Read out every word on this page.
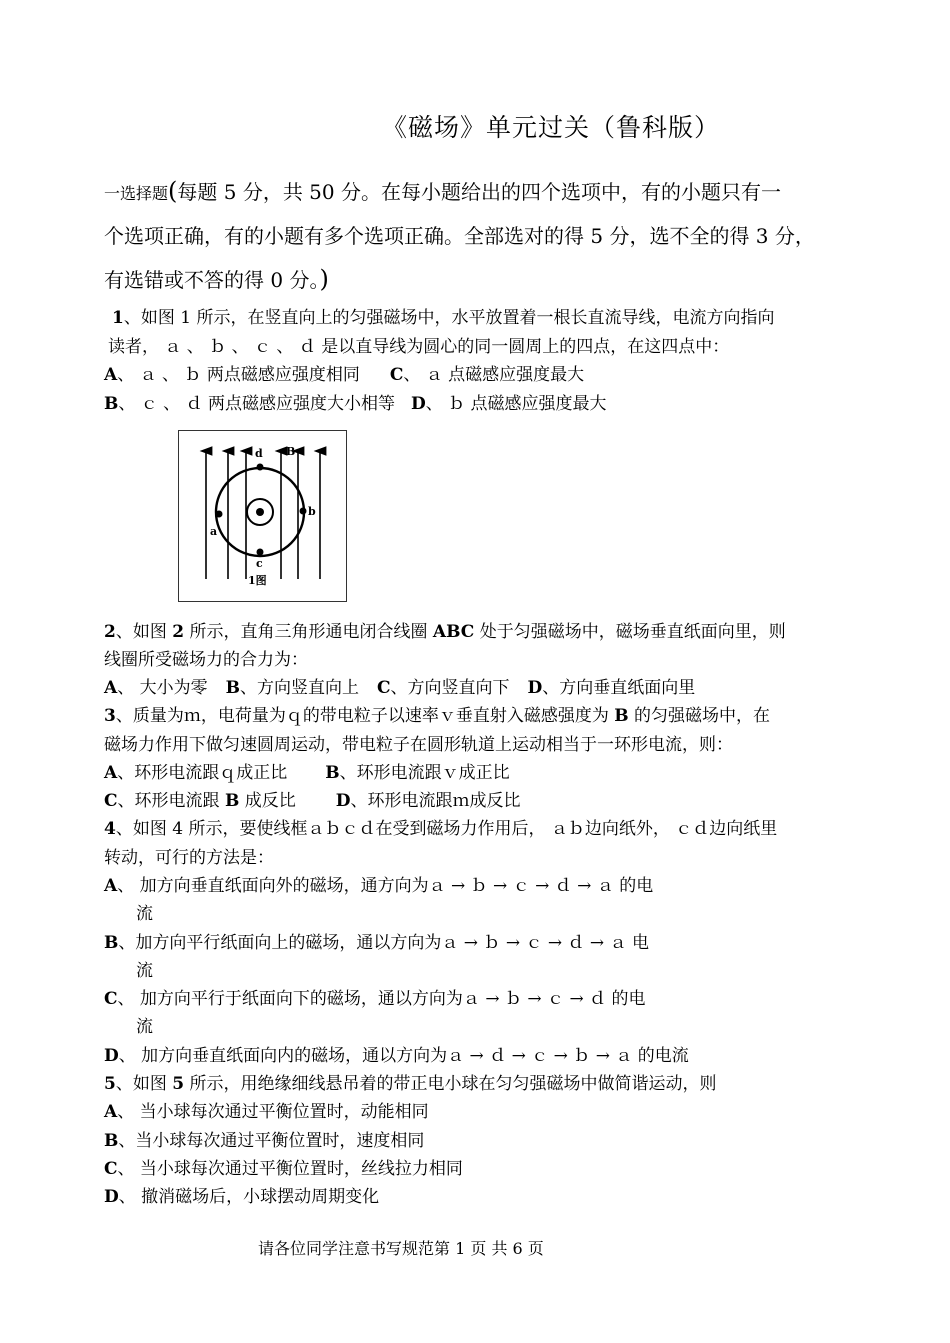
《磁场》单元过关（鲁科版）
一选择题(每题 5 分，共 50 分。在每小题给出的四个选项中，有的小题只有一
个选项正确，有的小题有多个选项正确。全部选对的得 5 分，选不全的得 3 分，
有选错或不答的得 0 分。)
1、如图 1 所示，在竖直向上的匀强磁场中，水平放置着一根长直流导线，电流方向指向
读者， ａ 、 ｂ 、 ｃ 、 ｄ 是以直导线为圆心的同一圆周上的四点，在这四点中：
A、 ａ 、 ｂ 两点磁感应强度相同 C、 ａ 点磁感应强度最大
B、 ｃ 、 ｄ 两点磁感应强度大小相等 D、 ｂ 点磁感应强度最大
d B
a
b
c
1图
2、如图 2 所示，直角三角形通电闭合线圈 ABC 处于匀强磁场中，磁场垂直纸面向里，则
线圈所受磁场力的合力为：
A、 大小为零 B、方向竖直向上 C、方向竖直向下 D、方向垂直纸面向里
3、质量为ｍ，电荷量为ｑ的带电粒子以速率ｖ垂直射入磁感强度为 B 的匀强磁场中，在
磁场力作用下做匀速圆周运动，带电粒子在圆形轨道上运动相当于一环形电流，则：
A、环形电流跟ｑ成正比 B、环形电流跟ｖ成正比
C、环形电流跟 B 成反比 D、环形电流跟ｍ成反比
4、如图 4 所示，要使线框ａｂｃｄ在受到磁场力作用后， ａｂ边向纸外， ｃｄ边向纸里
转动，可行的方法是：
A、 加方向垂直纸面向外的磁场，通方向为ａ → ｂ → ｃ → ｄ → ａ 的电
流
B、加方向平行纸面向上的磁场，通以方向为ａ → ｂ → ｃ → ｄ → ａ 电
流
C、 加方向平行于纸面向下的磁场，通以方向为ａ → ｂ → ｃ → ｄ 的电
流
D、 加方向垂直纸面向内的磁场，通以方向为ａ → ｄ → ｃ → ｂ → ａ 的电流
5、如图 5 所示，用绝缘细线悬吊着的带正电小球在匀匀强磁场中做简谐运动，则
A、 当小球每次通过平衡位置时，动能相同
B、当小球每次通过平衡位置时，速度相同
C、 当小球每次通过平衡位置时，丝线拉力相同
D、 撤消磁场后，小球摆动周期变化
请各位同学注意书写规范第 1 页 共 6 页
